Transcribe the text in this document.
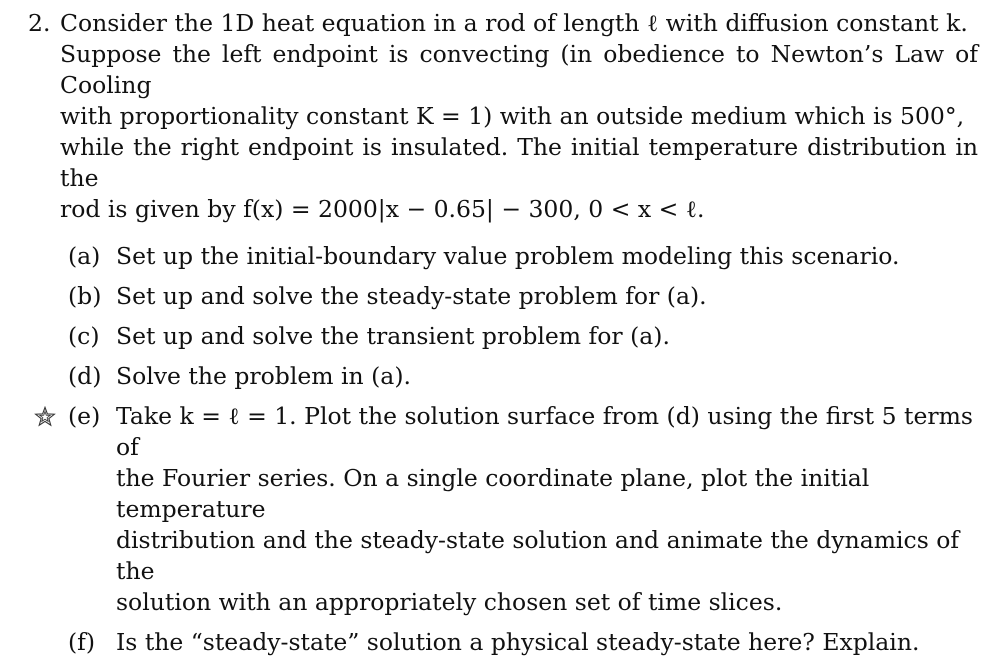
2. Consider the 1D heat equation in a rod of length ℓ with diffusion constant k.
Suppose the left endpoint is convecting (in obedience to Newton’s Law of Cooling
with proportionality constant K = 1) with an outside medium which is 500°,
while the right endpoint is insulated. The initial temperature distribution in the
rod is given by f(x) = 2000|x − 0.65| − 300, 0 < x < ℓ.
(a) Set up the initial-boundary value problem modeling this scenario.
(b) Set up and solve the steady-state problem for (a).
(c) Set up and solve the transient problem for (a).
(d) Solve the problem in (a).
(e) Take k = ℓ = 1. Plot the solution surface from (d) using the first 5 terms of
the Fourier series. On a single coordinate plane, plot the initial temperature
distribution and the steady-state solution and animate the dynamics of the
solution with an appropriately chosen set of time slices.
(f) Is the “steady-state” solution a physical steady-state here? Explain.
